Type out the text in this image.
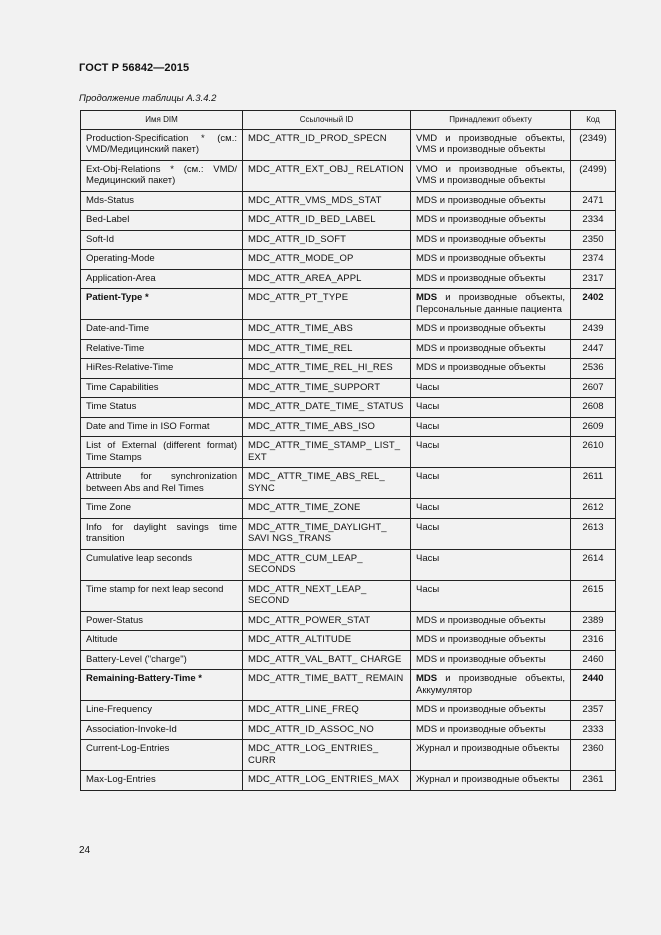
ГОСТ Р 56842—2015
Продолжение таблицы А.3.4.2
Имя DIM	Ссылочный ID	Принадлежит объекту	Код
Production-Specification * (см.: VMD/Медицинский пакет)	MDC_ATTR_ID_PROD_SPECN	VMD и производные объекты, VMS и производные объекты	(2349)
Ext-Obj-Relations * (см.: VMD/ Медицинский пакет)	MDC_ATTR_EXT_OBJ_ RELATION	VMO и производные объекты, VMS и производные объекты	(2499)
Mds-Status	MDC_ATTR_VMS_MDS_STAT	MDS и производные объекты	2471
Bed-Label	MDC_ATTR_ID_BED_LABEL	MDS и производные объекты	2334
Soft-Id	MDC_ATTR_ID_SOFT	MDS и производные объекты	2350
Operating-Mode	MDC_ATTR_MODE_OP	MDS и производные объекты	2374
Application-Area	MDC_ATTR_AREA_APPL	MDS и производные объекты	2317
Patient-Type *	MDC_ATTR_PT_TYPE	MDS и производные объекты, Персональные данные пациента	2402
Date-and-Time	MDC_ATTR_TIME_ABS	MDS и производные объекты	2439
Relative-Time	MDC_ATTR_TIME_REL	MDS и производные объекты	2447
HiRes-Relative-Time	MDC_ATTR_TIME_REL_HI_RES	MDS и производные объекты	2536
Time Capabilities	MDC_ATTR_TIME_SUPPORT	Часы	2607
Time Status	MDC_ATTR_DATE_TIME_ STATUS	Часы	2608
Date and Time in ISO Format	MDC_ATTR_TIME_ABS_ISO	Часы	2609
List of External (different format) Time Stamps	MDC_ATTR_TIME_STAMP_ LIST_ EXT	Часы	2610
Attribute for synchronization between Abs and Rel Times	MDC_ ATTR_TIME_ABS_REL_ SYNC	Часы	2611
Time Zone	MDC_ATTR_TIME_ZONE	Часы	2612
Info for daylight savings time transition	MDC_ATTR_TIME_DAYLIGHT_ SAVI NGS_TRANS	Часы	2613
Cumulative leap seconds	MDC_ATTR_CUM_LEAP_ SECONDS	Часы	2614
Time stamp for next leap second	MDC_ATTR_NEXT_LEAP_ SECOND	Часы	2615
Power-Status	MDC_ATTR_POWER_STAT	MDS и производные объекты	2389
Altitude	MDC_ATTR_ALTITUDE	MDS и производные объекты	2316
Battery-Level ("charge")	MDC_ATTR_VAL_BATT_ CHARGE	MDS и производные объекты	2460
Remaining-Battery-Time *	MDC_ATTR_TIME_BATT_ REMAIN	MDS и производные объекты, Аккумулятор	2440
Line-Frequency	MDC_ATTR_LINE_FREQ	MDS и производные объекты	2357
Association-Invoke-Id	MDC_ATTR_ID_ASSOC_NO	MDS и производные объекты	2333
Current-Log-Entries	MDC_ATTR_LOG_ENTRIES_ CURR	Журнал и производные объекты	2360
Max-Log-Entries	MDC_ATTR_LOG_ENTRIES_MAX	Журнал и производные объекты	2361
24
